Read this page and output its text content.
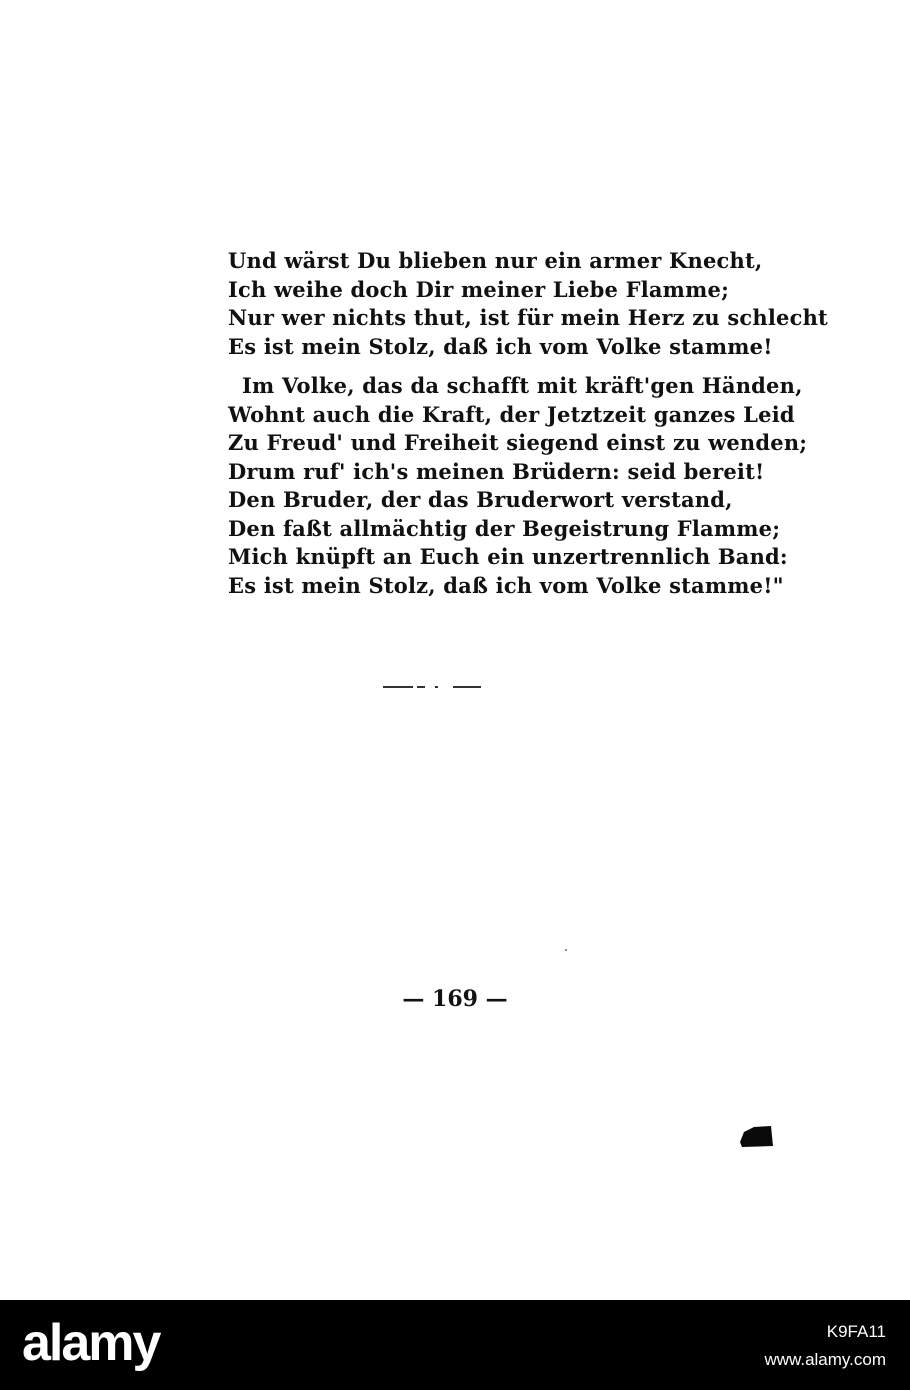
Und wärst Du blieben nur ein armer Knecht,
Ich weihe doch Dir meiner Liebe Flamme;
Nur wer nichts thut, ist für mein Herz zu schlecht
Es ist mein Stolz, daß ich vom Volke stamme!
Im Volke, das da schafft mit kräft'gen Händen,
Wohnt auch die Kraft, der Jetztzeit ganzes Leid
Zu Freud' und Freiheit siegend einst zu wenden;
Drum ruf' ich's meinen Brüdern: seid bereit!
Den Bruder, der das Bruderwort verstand,
Den faßt allmächtig der Begeistrung Flamme;
Mich knüpft an Euch ein unzertrennlich Band:
Es ist mein Stolz, daß ich vom Volke stamme!"
— 169 —
alamy	K9FA11
www.alamy.com
